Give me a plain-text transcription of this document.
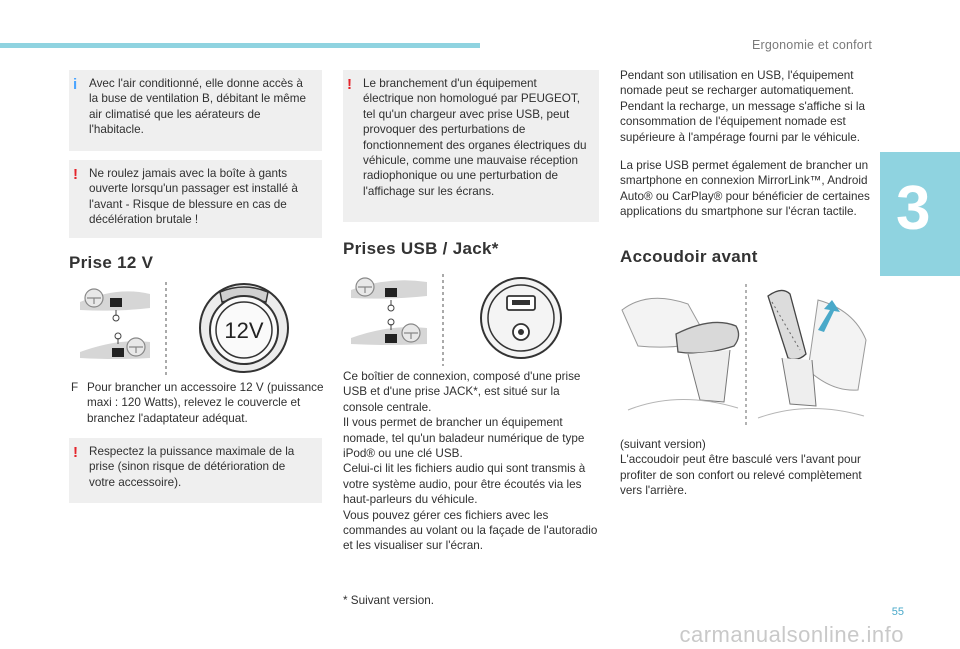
Ergonomie et confort
3
i Avec l'air conditionné, elle donne accès à la buse de ventilation B, débitant le même air climatisé que les aérateurs de l'habitacle.
! Ne roulez jamais avec la boîte à gants ouverte lorsqu'un passager est installé à l'avant - Risque de blessure en cas de décélération brutale !
Prise 12 V
12V
F Pour brancher un accessoire 12 V (puissance maxi : 120 Watts), relevez le couvercle et branchez l'adaptateur adéquat.
! Respectez la puissance maximale de la prise (sinon risque de détérioration de votre accessoire).
! Le branchement d'un équipement électrique non homologué par PEUGEOT, tel qu'un chargeur avec prise USB, peut provoquer des perturbations de fonctionnement des organes électriques du véhicule, comme une mauvaise réception radiophonique ou une perturbation de l'affichage sur les écrans.
Prises USB / Jack*
Ce boîtier de connexion, composé d'une prise USB et d'une prise JACK*, est situé sur la console centrale.
Il vous permet de brancher un équipement nomade, tel qu'un baladeur numérique de type iPod® ou une clé USB.
Celui-ci lit les fichiers audio qui sont transmis à votre système audio, pour être écoutés via les haut-parleurs du véhicule.
Vous pouvez gérer ces fichiers avec les commandes au volant ou la façade de l'autoradio et les visualiser sur l'écran.
* Suivant version.
Pendant son utilisation en USB, l'équipement nomade peut se recharger automatiquement. Pendant la recharge, un message s'affiche si la consommation de l'équipement nomade est supérieure à l'ampérage fourni par le véhicule.
La prise USB permet également de brancher un smartphone en connexion MirrorLink™, Android Auto® ou CarPlay® pour bénéficier de certaines applications du smartphone sur l'écran tactile.
Accoudoir avant
(suivant version)
L'accoudoir peut être basculé vers l'avant pour profiter de son confort ou relevé complètement vers l'arrière.
55
carmanualsonline.info
